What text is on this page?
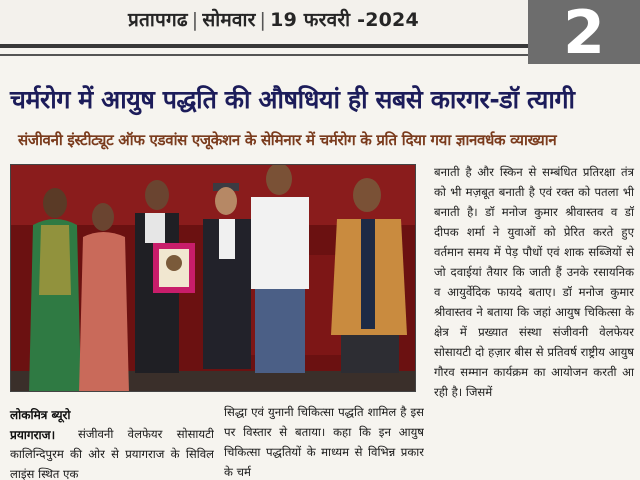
प्रतापगढ | सोमवार | 19 फरवरी -2024	2
चर्मरोग में आयुष पद्धति की औषधियां ही सबसे कारगर-डॉ त्यागी
संजीवनी इंस्टीट्यूट ऑफ एडवांस एजूकेशन के सेमिनार में चर्मरोग के प्रति दिया गया ज्ञानवर्धक व्याख्यान

बनाती है और स्किन से सम्बंधित प्रतिरक्षा तंत्र को भी मज़बूत बनाती है एवं रक्त को पतला भी बनाती है। डॉ मनोज कुमार श्रीवास्तव व डॉ दीपक शर्मा ने युवाओं को प्रेरित करते हुए वर्तमान समय में पेड़ पौधों एवं शाक सब्जियों से जो दवाईयां तैयार कि जाती हैं उनके रसायनिक व आयुर्वेदिक फायदे बताए। डॉ मनोज कुमार श्रीवास्तव ने बताया कि जहां आयुष चिकित्सा के क्षेत्र में प्रख्यात संस्था संजीवनी वेलफेयर सोसायटी दो हज़ार बीस से प्रतिवर्ष राष्ट्रीय आयुष गौरव सम्मान कार्यक्रम का आयोजन करती आ रही है। जिसमें

लोकमित्र ब्यूरो

संजीवनी वेलफेयर सोसायटी कालिन्दिपुरम की ओर से प्रयागराज के सिविल लाइंस स्थित एक

प्रयागराज।

सिद्धा एवं युनानी चिकित्सा पद्धति शामिल है इस पर विस्तार से बताया। कहा कि इन आयुष चिकित्सा पद्धतियों के माध्यम से विभिन्न प्रकार के चर्म
